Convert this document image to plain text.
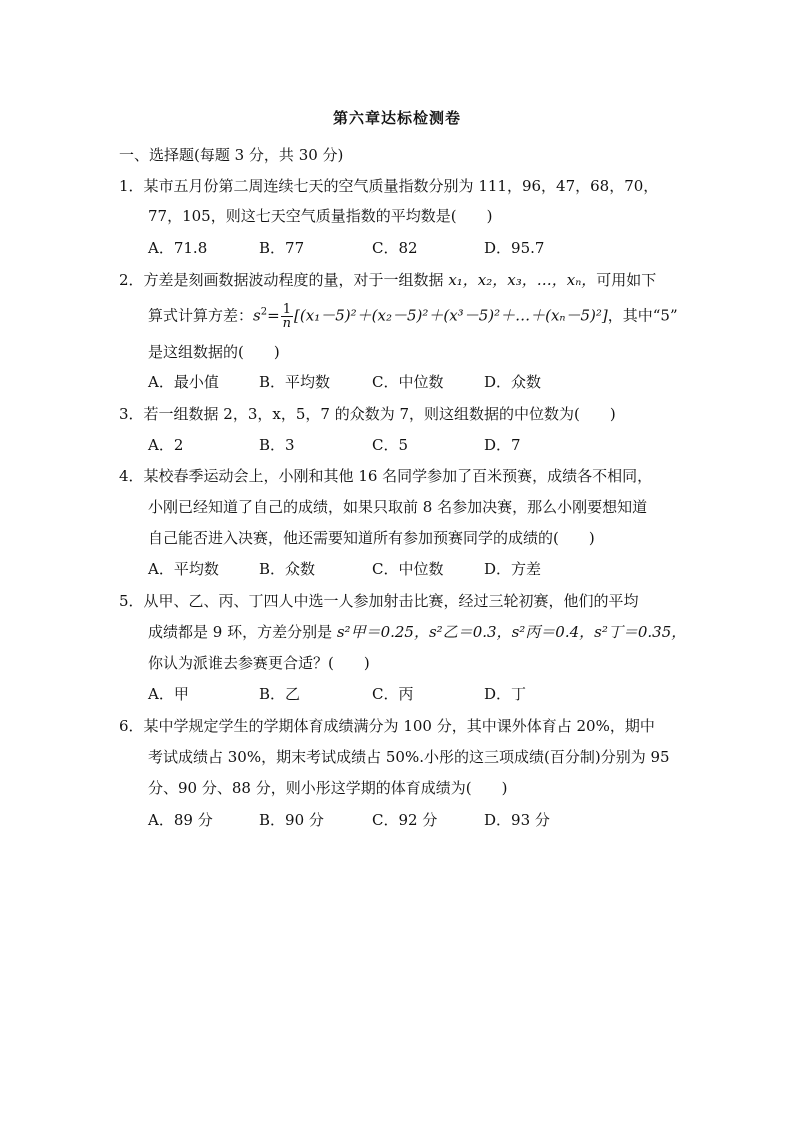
第六章达标检测卷
一、选择题(每题 3 分，共 30 分)
1．某市五月份第二周连续七天的空气质量指数分别为 111，96，47，68，70，
77，105，则这七天空气质量指数的平均数是(　　)
A．71.8	B．77	C．82	D．95.7
2．方差是刻画数据波动程度的量，对于一组数据 x₁，x₂，x₃，…，xₙ，可用如下
算式计算方差：$s^2= \frac{1}{n}$ [(x₁－5)²＋(x₂－5)²＋(x³－5)²＋…＋(xₙ－5)²]，其中“5”
是这组数据的(　　)
A．最小值	B．平均数	C．中位数	D．众数
3．若一组数据 2，3，x，5，7 的众数为 7，则这组数据的中位数为(　　)
A．2	B．3	C．5	D．7
4．某校春季运动会上，小刚和其他 16 名同学参加了百米预赛，成绩各不相同，
小刚已经知道了自己的成绩，如果只取前 8 名参加决赛，那么小刚要想知道
自己能否进入决赛，他还需要知道所有参加预赛同学的成绩的(　　)
A．平均数	B．众数	C．中位数	D．方差
5．从甲、乙、丙、丁四人中选一人参加射击比赛，经过三轮初赛，他们的平均
成绩都是 9 环，方差分别是 s²甲＝0.25，s²乙＝0.3，s²丙＝0.4，s²丁＝0.35，
你认为派谁去参赛更合适？(　　)
A．甲	B．乙	C．丙	D．丁
6．某中学规定学生的学期体育成绩满分为 100 分，其中课外体育占 20%，期中
考试成绩占 30%，期末考试成绩占 50%.小彤的这三项成绩(百分制)分别为 95
分、90 分、88 分，则小彤这学期的体育成绩为(　　)
A．89 分	B．90 分	C．92 分	D．93 分
